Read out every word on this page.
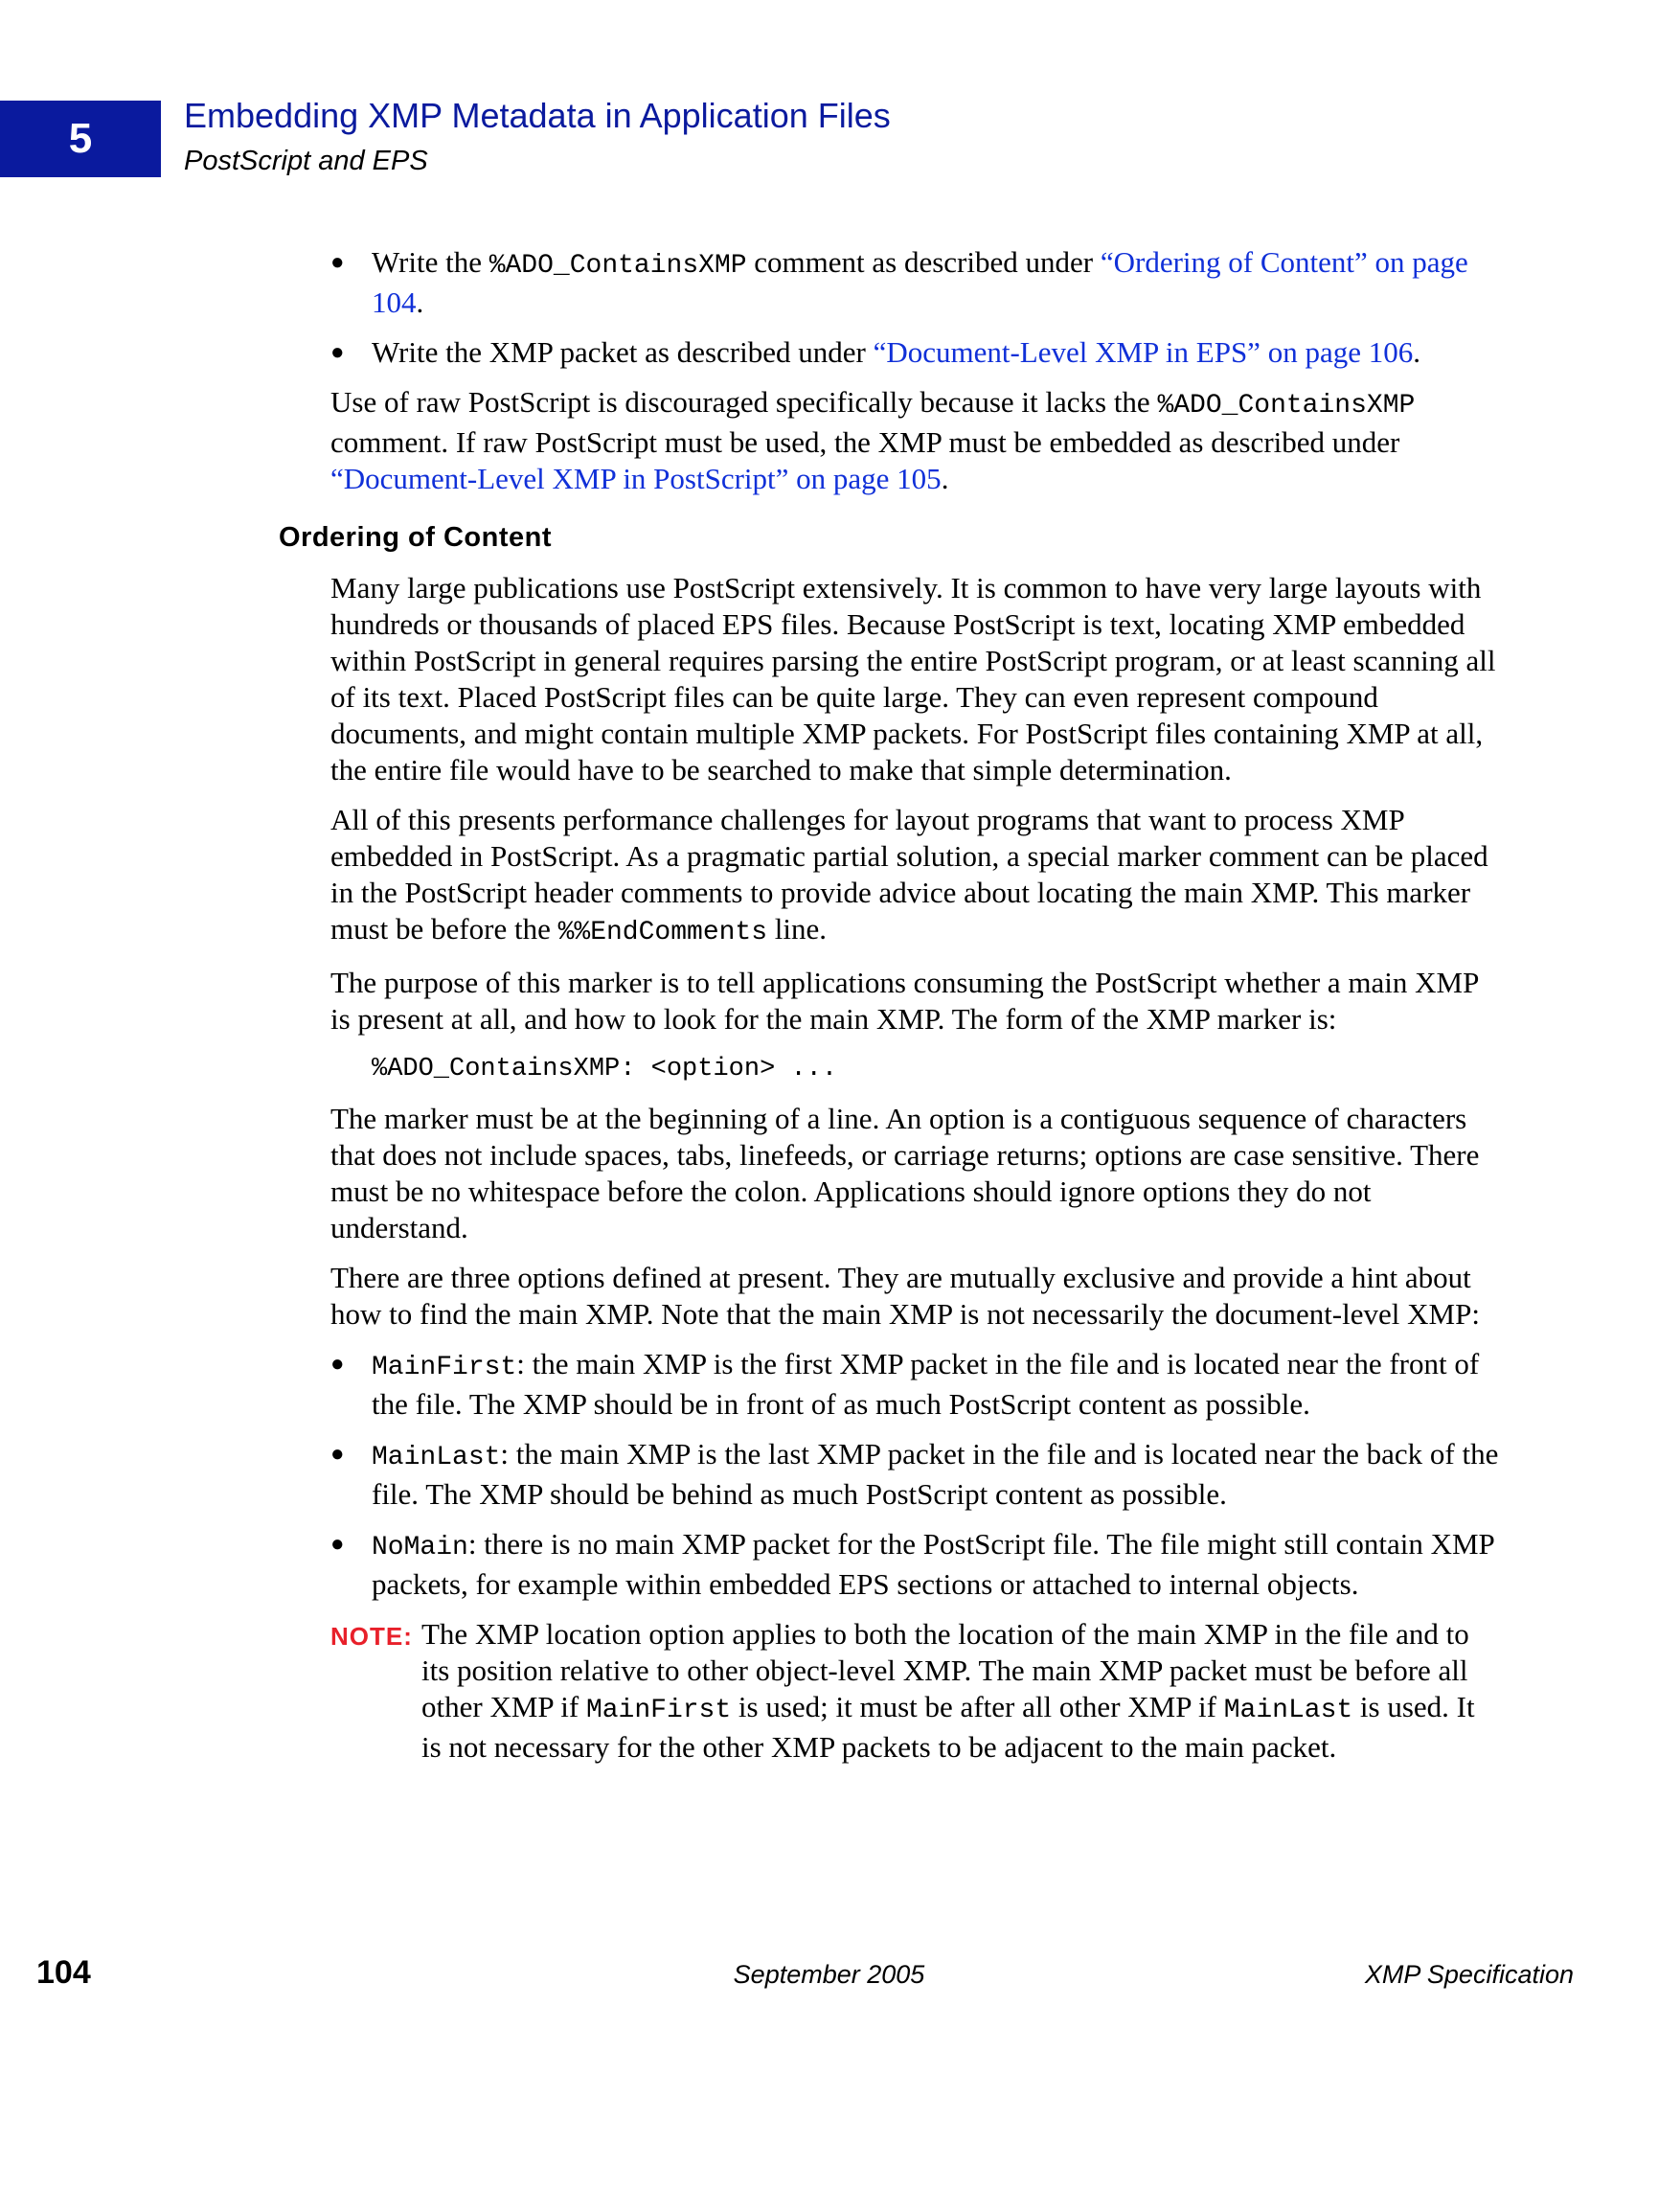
5	Embedding XMP Metadata in Application Files
PostScript and EPS
● Write the %ADO_ContainsXMP comment as described under “Ordering of Content” on page 104.
● Write the XMP packet as described under “Document-Level XMP in EPS” on page 106.

Use of raw PostScript is discouraged specifically because it lacks the %ADO_ContainsXMP comment. If raw PostScript must be used, the XMP must be embedded as described under “Document-Level XMP in PostScript” on page 105.

Ordering of Content

Many large publications use PostScript extensively. It is common to have very large layouts with hundreds or thousands of placed EPS files. Because PostScript is text, locating XMP embedded within PostScript in general requires parsing the entire PostScript program, or at least scanning all of its text. Placed PostScript files can be quite large. They can even represent compound documents, and might contain multiple XMP packets. For PostScript files containing XMP at all, the entire file would have to be searched to make that simple determination.

All of this presents performance challenges for layout programs that want to process XMP embedded in PostScript. As a pragmatic partial solution, a special marker comment can be placed in the PostScript header comments to provide advice about locating the main XMP. This marker must be before the %%EndComments line.

The purpose of this marker is to tell applications consuming the PostScript whether a main XMP is present at all, and how to look for the main XMP. The form of the XMP marker is:

%ADO_ContainsXMP: <option> ...

The marker must be at the beginning of a line. An option is a contiguous sequence of characters that does not include spaces, tabs, linefeeds, or carriage returns; options are case sensitive. There must be no whitespace before the colon. Applications should ignore options they do not understand.

There are three options defined at present. They are mutually exclusive and provide a hint about how to find the main XMP. Note that the main XMP is not necessarily the document-level XMP:

● MainFirst: the main XMP is the first XMP packet in the file and is located near the front of the file. The XMP should be in front of as much PostScript content as possible.
● MainLast: the main XMP is the last XMP packet in the file and is located near the back of the file. The XMP should be behind as much PostScript content as possible.
● NoMain: there is no main XMP packet for the PostScript file. The file might still contain XMP packets, for example within embedded EPS sections or attached to internal objects.
NOTE: The XMP location option applies to both the location of the main XMP in the file and to its position relative to other object-level XMP. The main XMP packet must be before all other XMP if MainFirst is used; it must be after all other XMP if MainLast is used. It is not necessary for the other XMP packets to be adjacent to the main packet.
104	September 2005	XMP Specification
